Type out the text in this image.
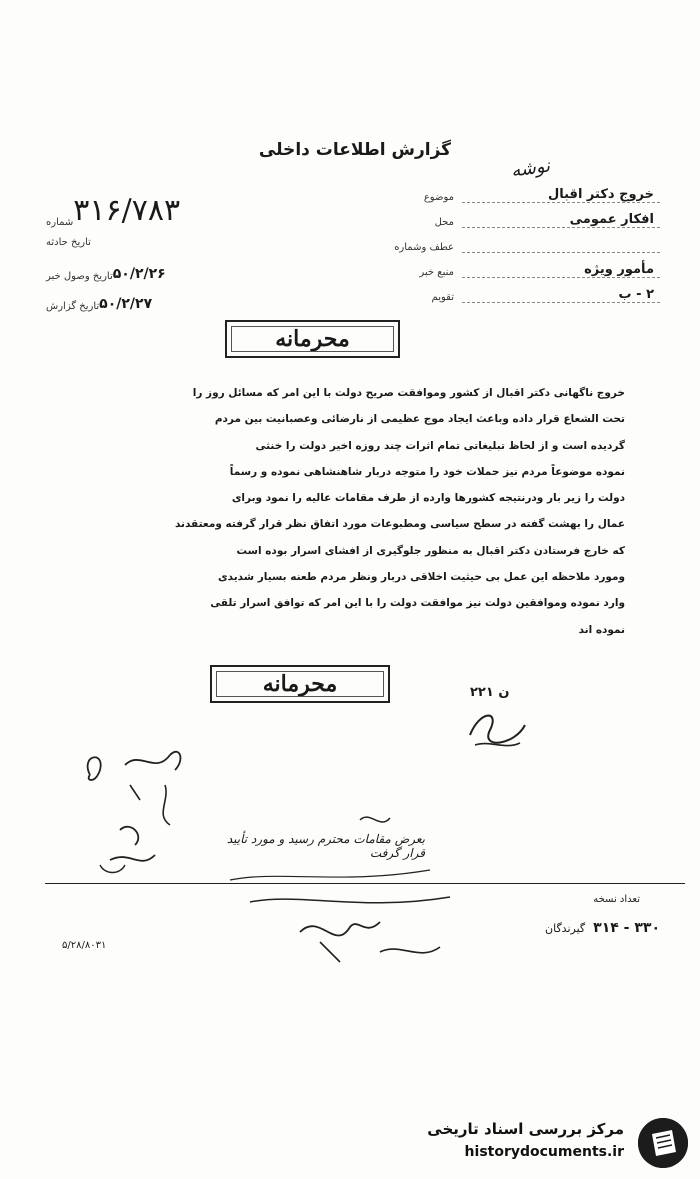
گزارش اطلاعات داخلی
نوشه
موضوع	خروج دکتر اقبال
محل	افکار عمومی
عطف وشماره
منبع خبر	مأمور ویژه
تقویم	۲ - ب
شماره ۳۱۶/۷۸۳
تاریخ حادثه
تاریخ وصول خبر ۵۰/۲/۲۶
تاریخ گزارش ۵۰/۲/۲۷
محرمانه

خروج ناگهانی دکتر اقبال از کشور وموافقت صریح دولت با این امر که مسائل روز را

تحت الشعاع قرار داده وباعث ایجاد موج عظیمی از نارضائی وعصبانیت بین مردم

گردیده است و از لحاظ تبلیغاتی تمام اثرات چند روزه اخیر دولت را خنثی

نموده موضوعاً مردم نیز حملات خود را متوجه دربار شاهنشاهی نموده و رسماً

دولت را زیر بار ودرنتیجه کشورها وارده از طرف مقامات عالیه را نمود وبرای

عمال را بهشت گفته در سطح سیاسی ومطبوعات مورد اتفاق نظر قرار گرفته ومعتقدند

که خارج فرستادن دکتر اقبال به منظور جلوگیری از افشای اسرار بوده است

ومورد ملاحظه این عمل بی حیثیت اخلاقی دربار ونظر مردم طعنه بسیار شدیدی

وارد نموده وموافقین دولت نیز موافقت دولت را با این امر که توافق اسرار تلقی

نموده اند

محرمانه	ن ۲۲۱
بعرض مقامات محترم رسید و مورد تأیید قرار گرفت
تعداد نسخه
گیرندگان ۳۳۰ - ۳۱۴
۵/۲۸/۸۰۳۱
مرکز بررسی اسناد تاریخی
historydocuments.ir
